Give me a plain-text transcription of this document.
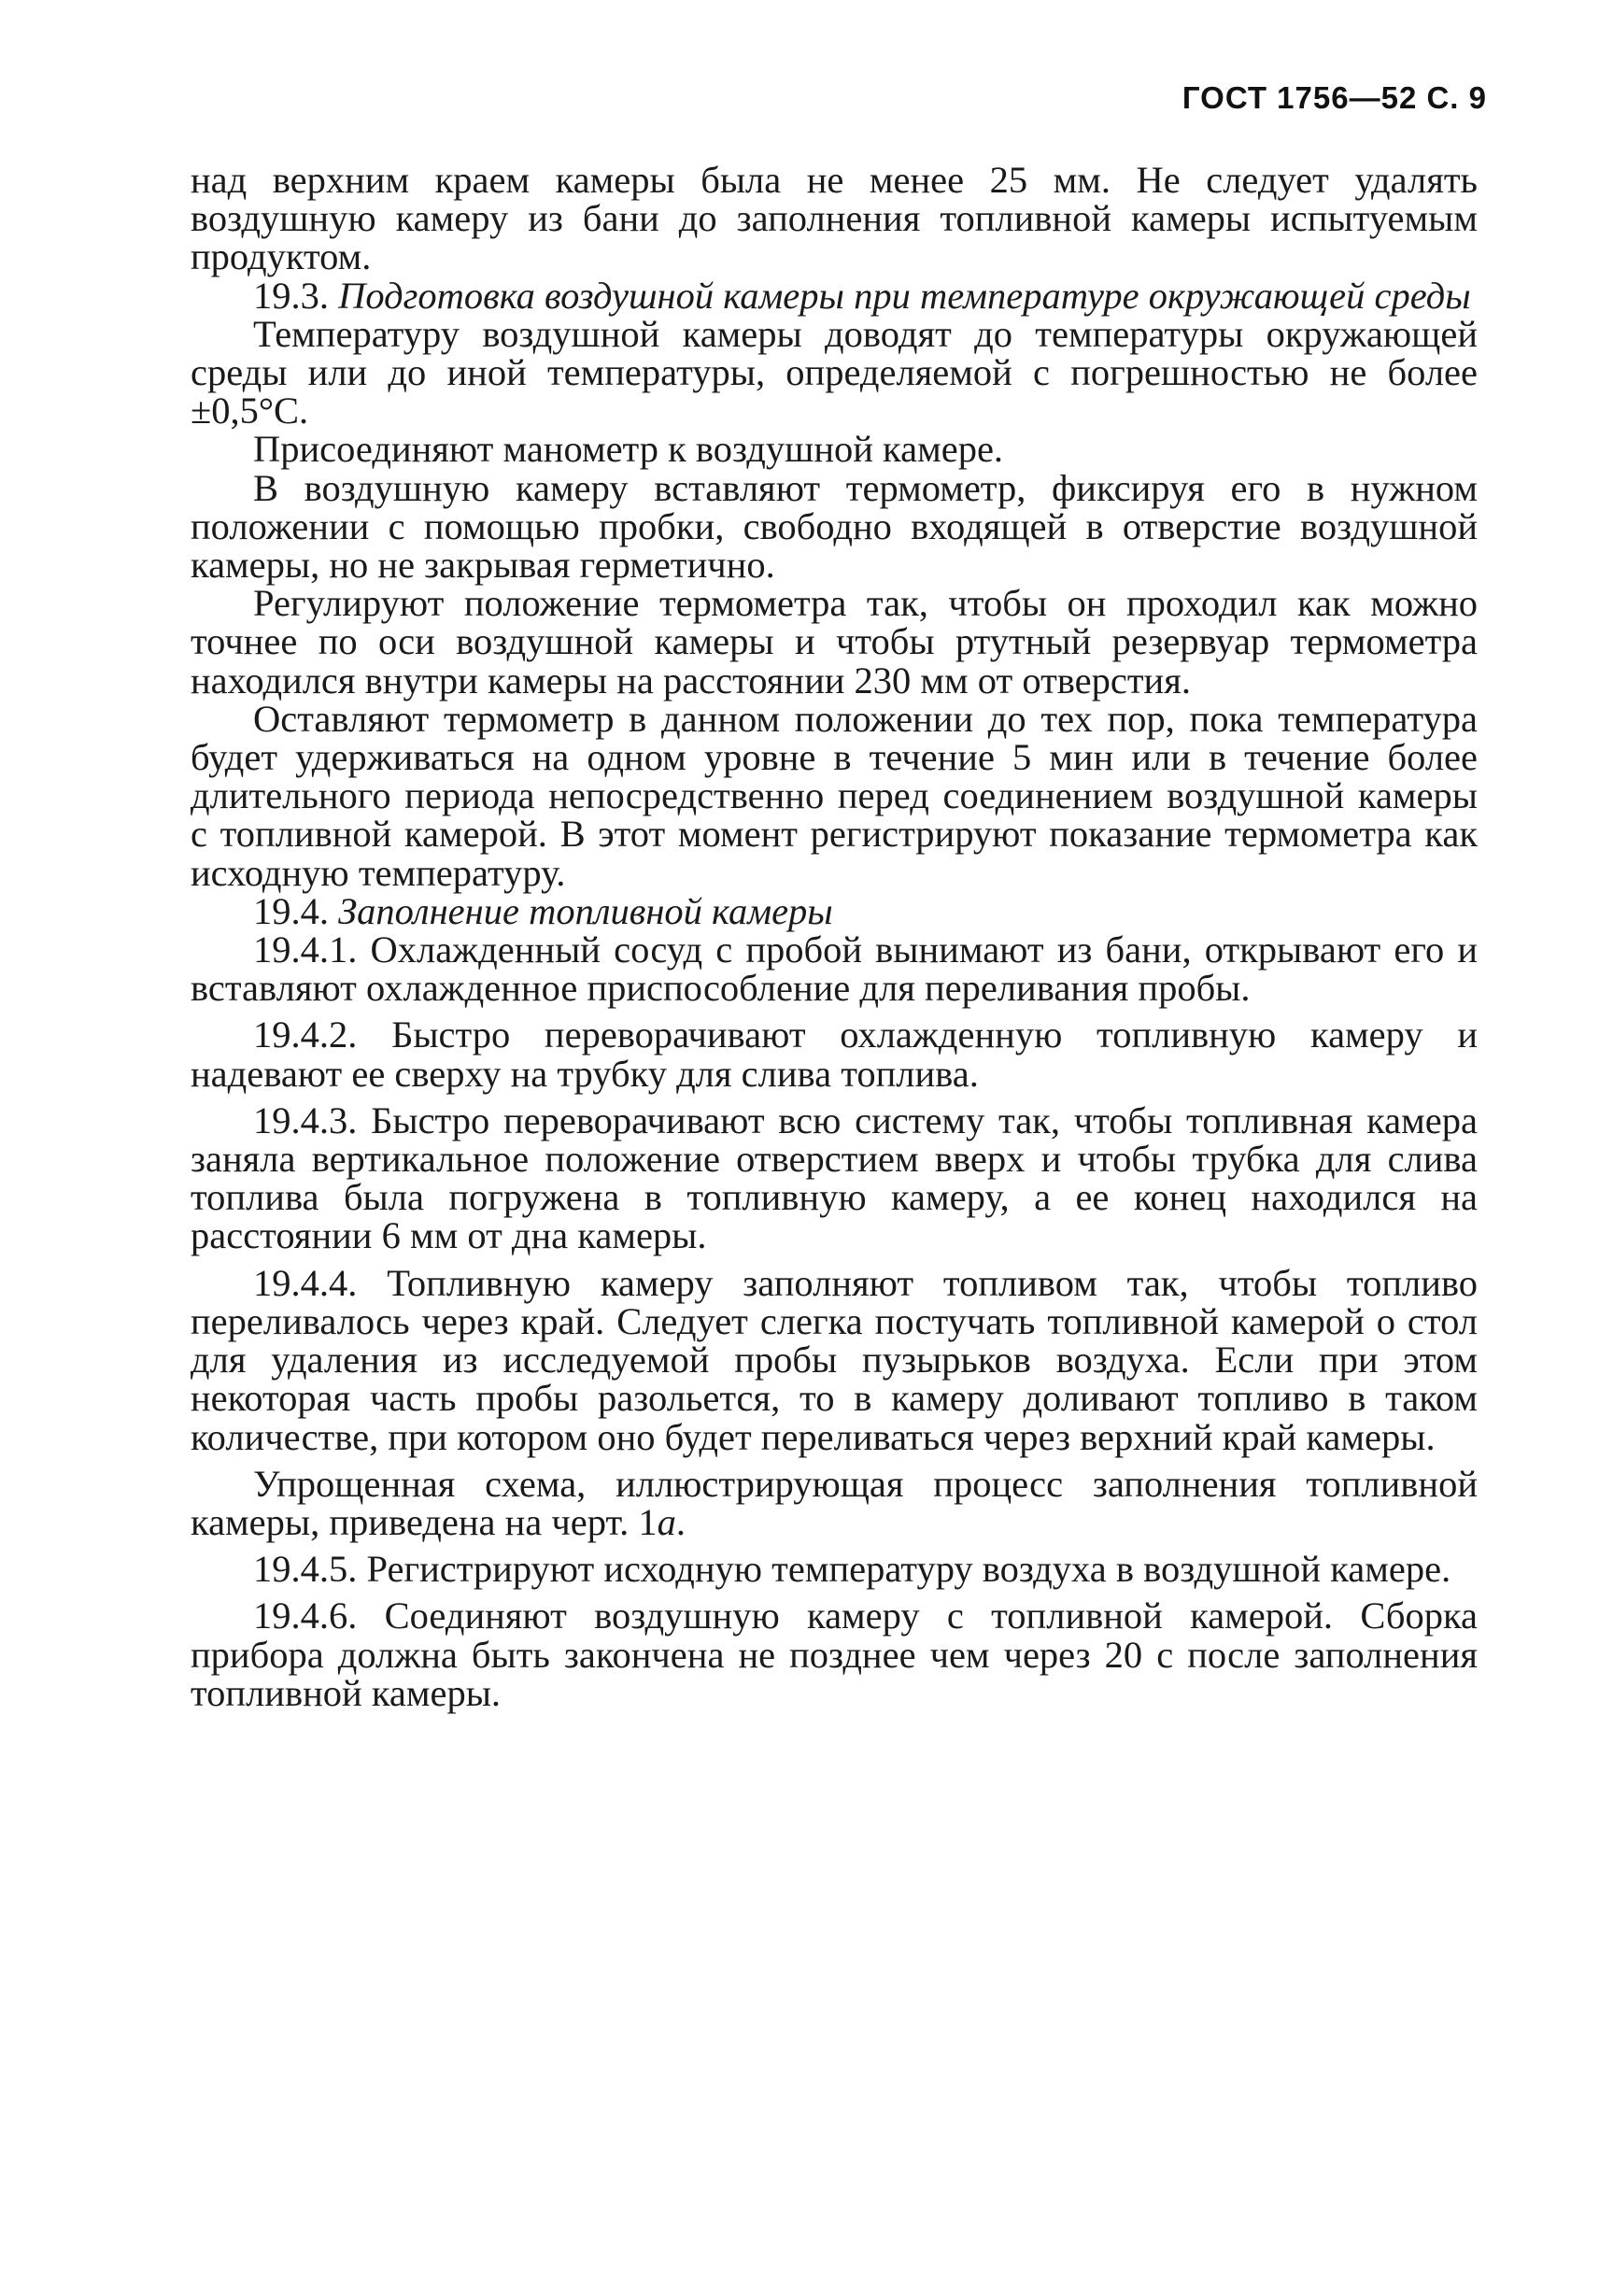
ГОСТ 1756—52 С. 9

над верхним краем камеры была не менее 25 мм. Не следует удалять воздушную камеру из бани до заполнения топливной камеры испытуемым продуктом.

19.3. Подготовка воздушной камеры при температуре окружающей среды

Температуру воздушной камеры доводят до температуры окружающей среды или до иной температуры, определяемой с погрешностью не более ±0,5°С.

Присоединяют манометр к воздушной камере.

В воздушную камеру вставляют термометр, фиксируя его в нужном положении с помощью пробки, свободно входящей в отверстие воздушной камеры, но не закрывая герметично.

Регулируют положение термометра так, чтобы он проходил как можно точнее по оси воздушной камеры и чтобы ртутный резервуар термометра находился внутри камеры на расстоянии 230 мм от отверстия.

Оставляют термометр в данном положении до тех пор, пока температура будет удерживаться на одном уровне в течение 5 мин или в течение более длительного периода непосредственно перед соединением воздушной камеры с топливной камерой. В этот момент регистрируют показание термометра как исходную температуру.

19.4. Заполнение топливной камеры

19.4.1. Охлажденный сосуд с пробой вынимают из бани, открывают его и вставляют охлажденное приспособление для переливания пробы.

19.4.2. Быстро переворачивают охлажденную топливную камеру и надевают ее сверху на трубку для слива топлива.

19.4.3. Быстро переворачивают всю систему так, чтобы топливная камера заняла вертикальное положение отверстием вверх и чтобы трубка для слива топлива была погружена в топливную камеру, а ее конец находился на расстоянии 6 мм от дна камеры.

19.4.4. Топливную камеру заполняют топливом так, чтобы топливо переливалось через край. Следует слегка постучать топливной камерой о стол для удаления из исследуемой пробы пузырьков воздуха. Если при этом некоторая часть пробы разольется, то в камеру доливают топливо в таком количестве, при котором оно будет переливаться через верхний край камеры.

Упрощенная схема, иллюстрирующая процесс заполнения топливной камеры, приведена на черт. 1а.

19.4.5. Регистрируют исходную температуру воздуха в воздушной камере.

19.4.6. Соединяют воздушную камеру с топливной камерой. Сборка прибора должна быть закончена не позднее чем через 20 с после заполнения топливной камеры.
